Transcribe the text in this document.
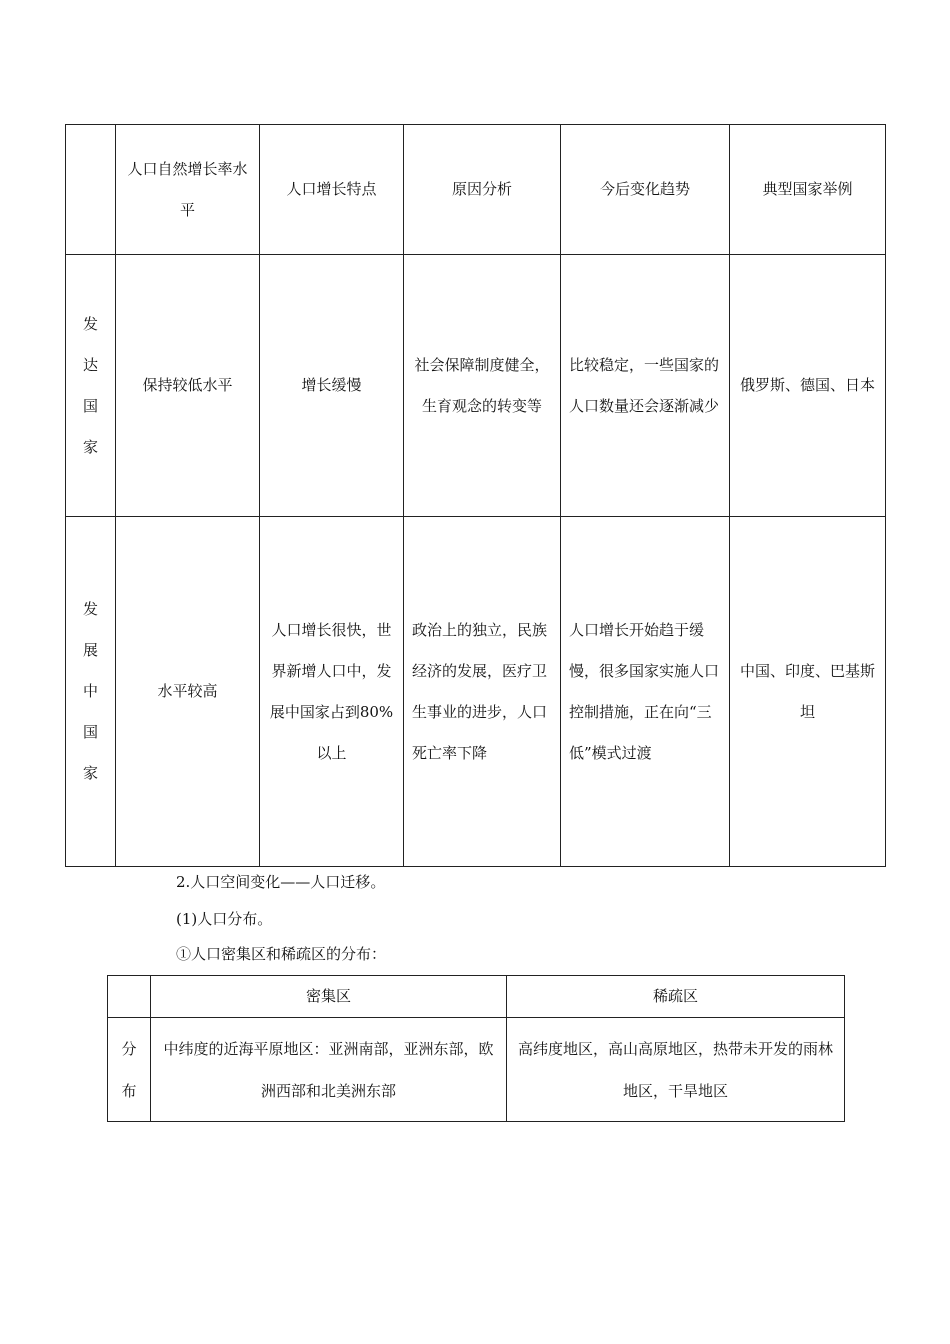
	人口自然增长率水平	人口增长特点	原因分析	今后变化趋势	典型国家举例

发
达
国
家	保持较低水平	增长缓慢	社会保障制度健全，生育观念的转变等	比较稳定，一些国家的人口数量还会逐渐减少	俄罗斯、德国、日本

发
展
中
国
家	水平较高	人口增长很快，世界新增人口中，发展中国家占到80%以上	政治上的独立，民族经济的发展，医疗卫生事业的进步，人口死亡率下降	人口增长开始趋于缓慢，很多国家实施人口控制措施，正在向“三低”模式过渡	中国、印度、巴基斯坦
2.人口空间变化——人口迁移。
(1)人口分布。
①人口密集区和稀疏区的分布：
	密集区	稀疏区

分
布	中纬度的近海平原地区：亚洲南部，亚洲东部，欧洲西部和北美洲东部	高纬度地区，高山高原地区，热带未开发的雨林地区，干旱地区
